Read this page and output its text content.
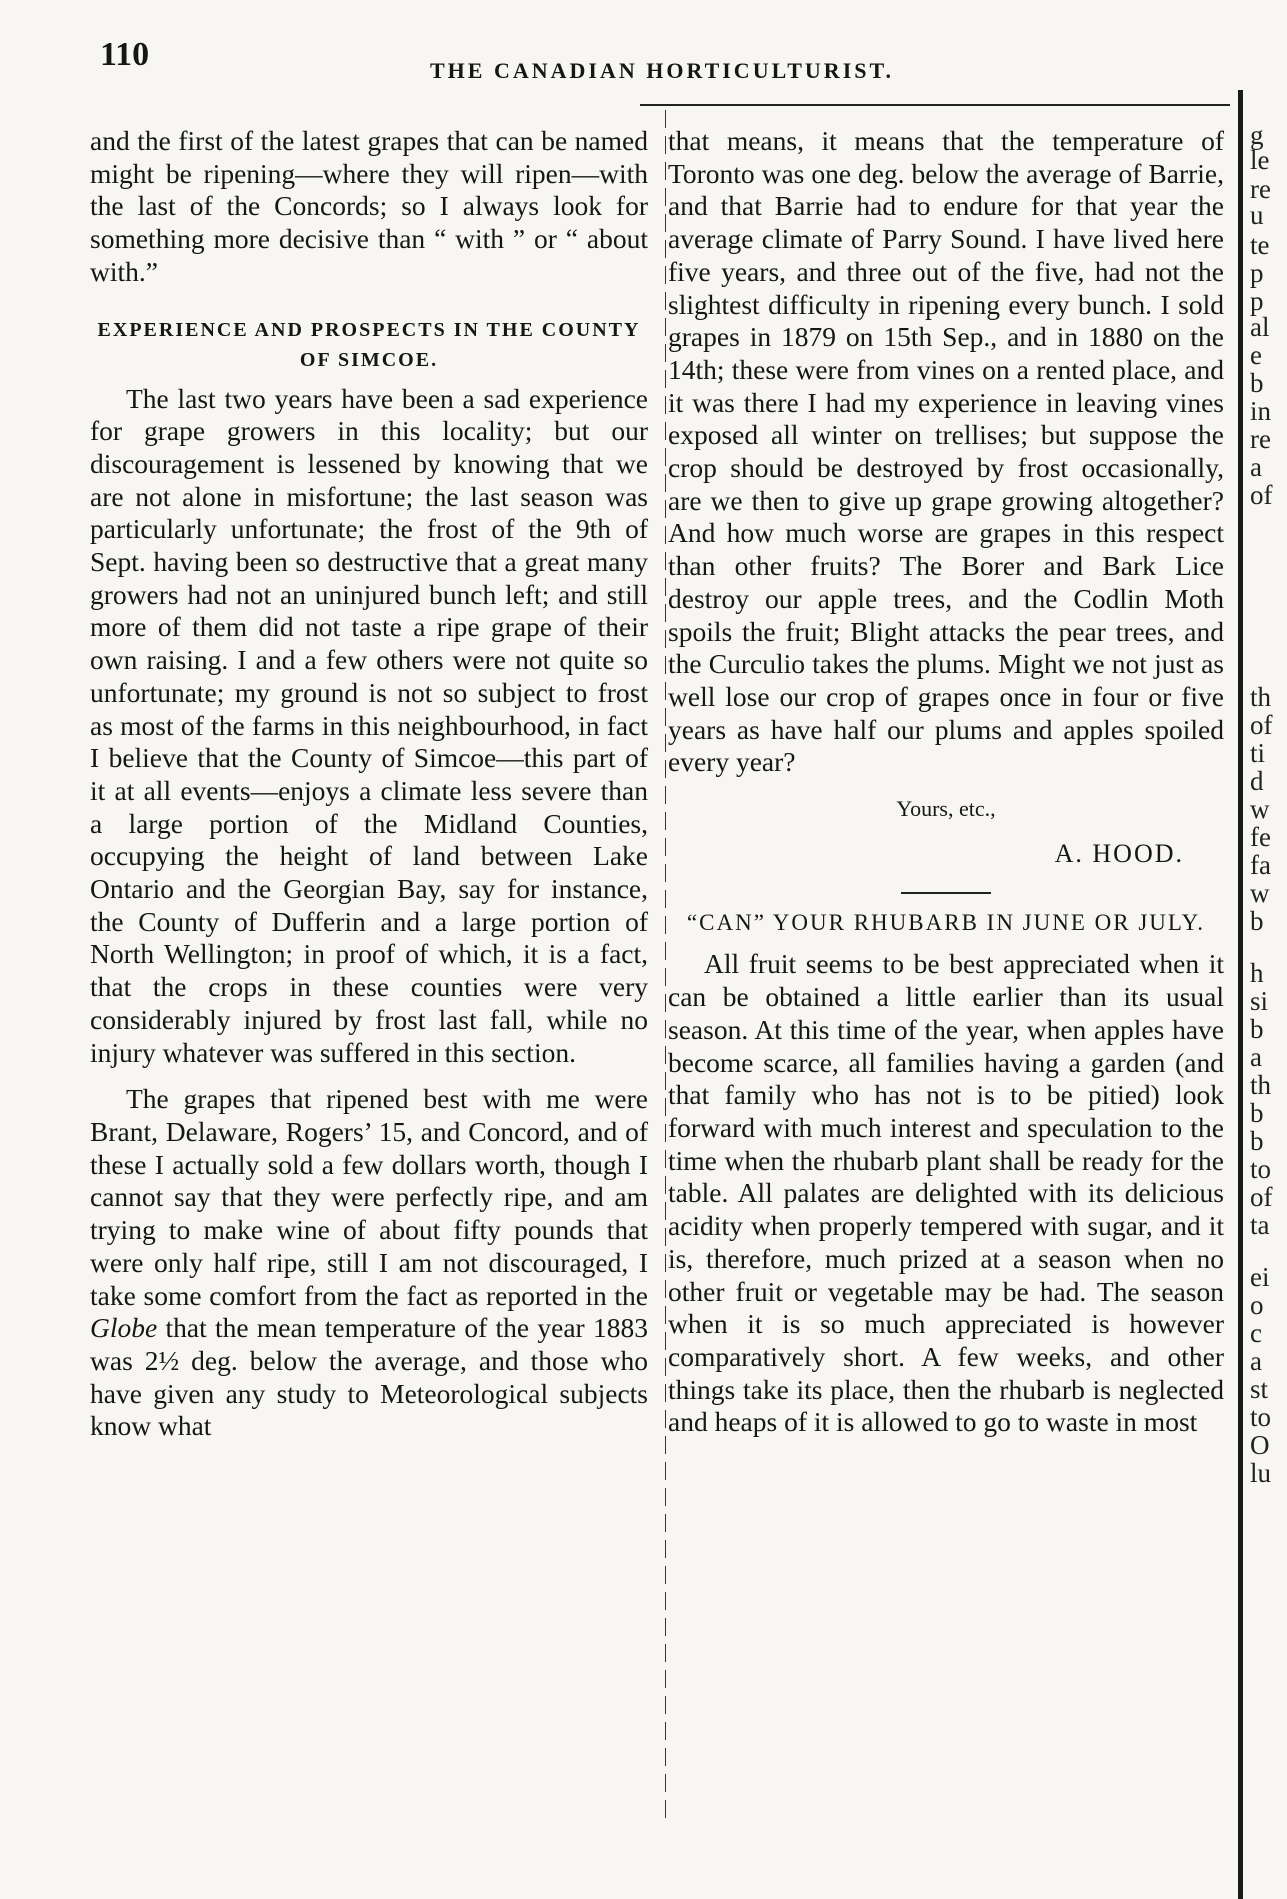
110	THE CANADIAN HORTICULTURIST.

and the first of the latest grapes that can be named might be ripening—where they will ripen—with the last of the Concords; so I always look for something more decisive than “ with ” or “ about with.”

EXPERIENCE AND PROSPECTS IN THE COUNTY OF SIMCOE.

The last two years have been a sad experience for grape growers in this locality; but our discouragement is lessened by knowing that we are not alone in misfortune; the last season was particularly unfortunate; the frost of the 9th of Sept. having been so destructive that a great many growers had not an uninjured bunch left; and still more of them did not taste a ripe grape of their own raising. I and a few others were not quite so unfortunate; my ground is not so subject to frost as most of the farms in this neighbourhood, in fact I believe that the County of Simcoe—this part of it at all events—enjoys a climate less severe than a large portion of the Midland Counties, occupying the height of land between Lake Ontario and the Georgian Bay, say for instance, the County of Dufferin and a large portion of North Wellington; in proof of which, it is a fact, that the crops in these counties were very considerably injured by frost last fall, while no injury whatever was suffered in this section.

The grapes that ripened best with me were Brant, Delaware, Rogers’ 15, and Concord, and of these I actually sold a few dollars worth, though I cannot say that they were perfectly ripe, and am trying to make wine of about fifty pounds that were only half ripe, still I am not discouraged, I take some comfort from the fact as reported in the Globe that the mean temperature of the year 1883 was 2½ deg. below the average, and those who have given any study to Meteorological subjects know what

that means, it means that the temperature of Toronto was one deg. below the average of Barrie, and that Barrie had to endure for that year the average climate of Parry Sound. I have lived here five years, and three out of the five, had not the slightest difficulty in ripening every bunch. I sold grapes in 1879 on 15th Sep., and in 1880 on the 14th; these were from vines on a rented place, and it was there I had my experience in leaving vines exposed all winter on trellises; but suppose the crop should be destroyed by frost occasionally, are we then to give up grape growing altogether? And how much worse are grapes in this respect than other fruits? The Borer and Bark Lice destroy our apple trees, and the Codlin Moth spoils the fruit; Blight attacks the pear trees, and the Curculio takes the plums. Might we not just as well lose our crop of grapes once in four or five years as have half our plums and apples spoiled every year?

Yours, etc.,

A. HOOD.

“CAN” YOUR RHUBARB IN JUNE OR JULY.

All fruit seems to be best appreciated when it can be obtained a little earlier than its usual season. At this time of the year, when apples have become scarce, all families having a garden (and that family who has not is to be pitied) look forward with much interest and speculation to the time when the rhubarb plant shall be ready for the table. All palates are delighted with its delicious acidity when properly tempered with sugar, and it is, therefore, much prized at a season when no other fruit or vegetable may be had. The season when it is so much appreciated is however comparatively short. A few weeks, and other things take its place, then the rhubarb is neglected and heaps of it is allowed to go to waste in most

g
le
re
u
te
p
p
al
e
b
in
re
a
of
th
of
ti
d
w
fe
fa
w
b
h
si
b
a
th
b
b
to
of
ta
ei
o
c
a
st
to
O
lu
